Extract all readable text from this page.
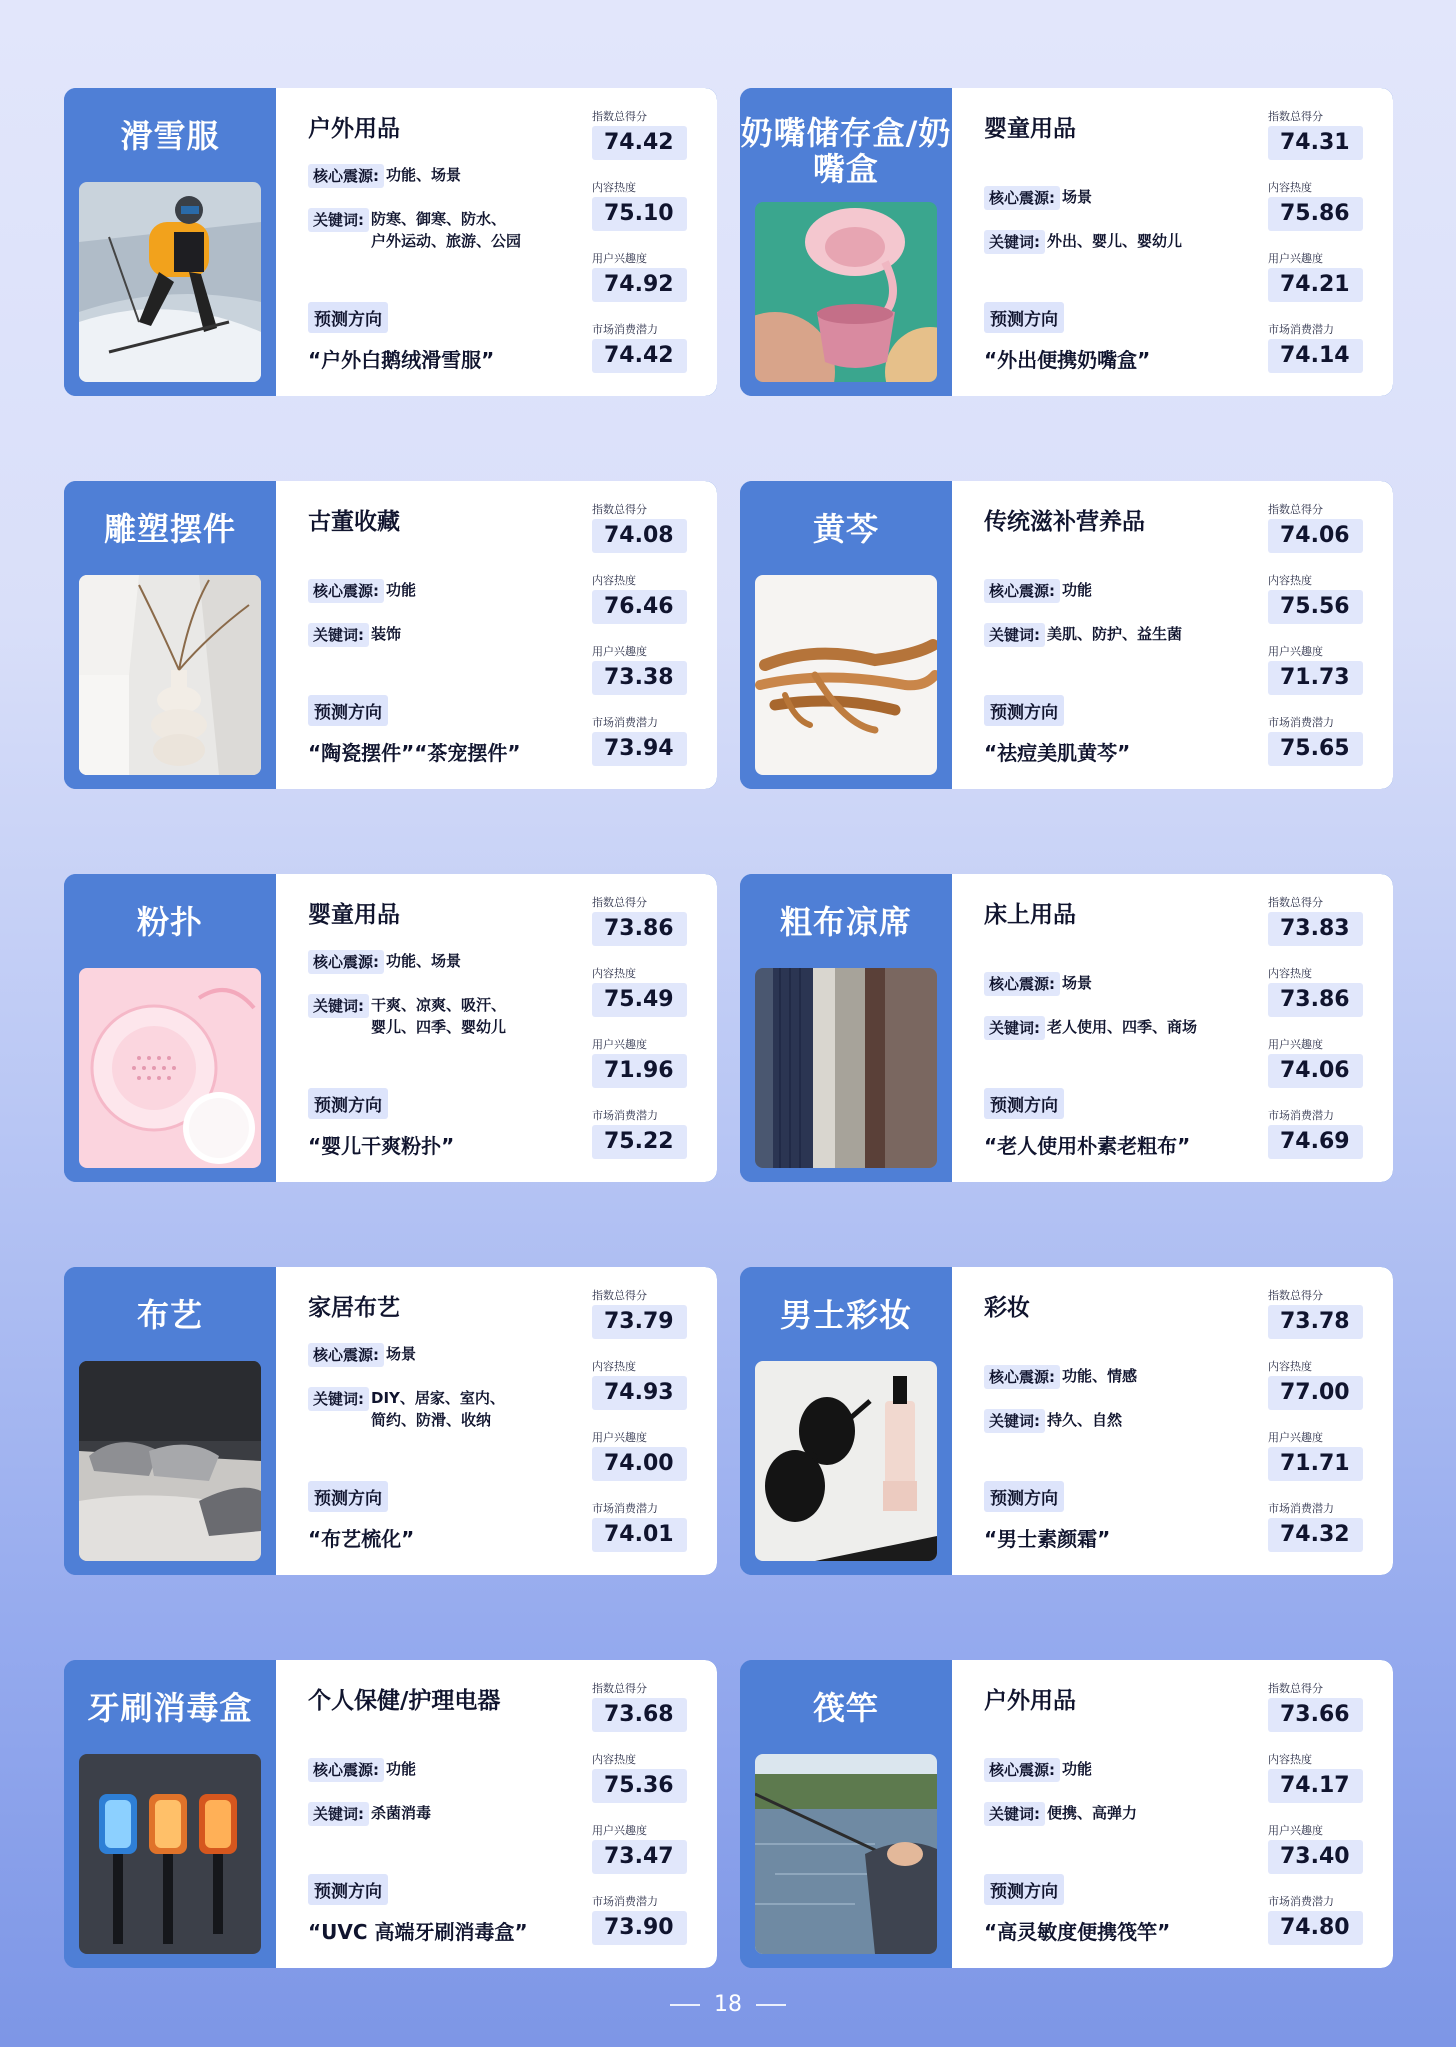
滑雪服	户外用品
核心震源: 功能、场景
关键词: 防寒、御寒、防水、
户外运动、旅游、公园
预测方向
“户外白鹅绒滑雪服”
指数总得分
74.42
内容热度
75.10
用户兴趣度
74.92
市场消费潜力
74.42
奶嘴储存盒/奶嘴盒
婴童用品
核心震源: 场景
关键词: 外出、婴儿、婴幼儿
预测方向
“外出便携奶嘴盒”
指数总得分
74.31
内容热度
75.86
用户兴趣度
74.21
市场消费潜力
74.14
雕塑摆件	古董收藏
核心震源: 功能
关键词: 装饰
预测方向
“陶瓷摆件”“茶宠摆件”
指数总得分
74.08
内容热度
76.46
用户兴趣度
73.38
市场消费潜力
73.94
黄芩	传统滋补营养品
核心震源: 功能
关键词: 美肌、防护、益生菌
预测方向
“祛痘美肌黄芩”
指数总得分
74.06
内容热度
75.56
用户兴趣度
71.73
市场消费潜力
75.65
粉扑	婴童用品
核心震源: 功能、场景
关键词: 干爽、凉爽、吸汗、
婴儿、四季、婴幼儿
预测方向
“婴儿干爽粉扑”
指数总得分
73.86
内容热度
75.49
用户兴趣度
71.96
市场消费潜力
75.22
粗布凉席	床上用品
核心震源: 场景
关键词: 老人使用、四季、商场
预测方向
“老人使用朴素老粗布”
指数总得分
73.83
内容热度
73.86
用户兴趣度
74.06
市场消费潜力
74.69
布艺	家居布艺
核心震源: 场景
关键词: DIY、居家、室内、
简约、防滑、收纳
预测方向
“布艺梳化”
指数总得分
73.79
内容热度
74.93
用户兴趣度
74.00
市场消费潜力
74.01
男士彩妆	彩妆
核心震源: 功能、情感
关键词: 持久、自然
预测方向
“男士素颜霜”
指数总得分
73.78
内容热度
77.00
用户兴趣度
71.71
市场消费潜力
74.32
牙刷消毒盒	个人保健/护理电器
核心震源: 功能
关键词: 杀菌消毒
预测方向
“UVC 高端牙刷消毒盒”
指数总得分
73.68
内容热度
75.36
用户兴趣度
73.47
市场消费潜力
73.90
筏竿	户外用品
核心震源: 功能
关键词: 便携、高弹力
预测方向
“高灵敏度便携筏竿”
指数总得分
73.66
内容热度
74.17
用户兴趣度
73.40
市场消费潜力
74.80
18
